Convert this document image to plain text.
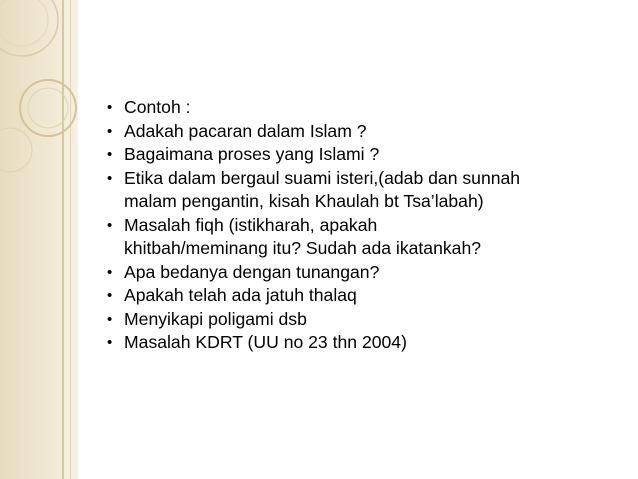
• Contoh :
• Adakah pacaran dalam Islam ?
• Bagaimana proses yang Islami ?
• Etika dalam bergaul suami isteri,(adab dan sunnah
malam pengantin, kisah Khaulah bt Tsa’labah)
• Masalah fiqh (istikharah, apakah
khitbah/meminang itu? Sudah ada ikatankah?
• Apa bedanya dengan tunangan?
• Apakah telah ada jatuh thalaq
• Menyikapi poligami dsb
• Masalah KDRT (UU no 23 thn 2004)
